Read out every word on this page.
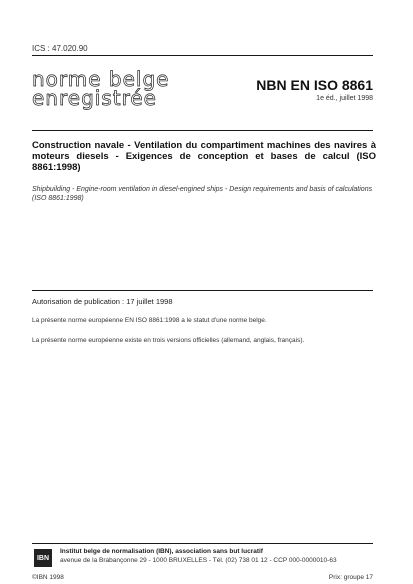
ICS : 47.020.90
norme belge
enregistrée
NBN EN ISO 8861
1e éd., juillet 1998
Construction navale - Ventilation du compartiment machines des navires à moteurs diesels - Exigences de conception et bases de calcul (ISO 8861:1998)
Shipbuilding - Engine-room ventilation in diesel-engined ships - Design requirements and basis of calculations (ISO 8861:1998)
Autorisation de publication : 17 juillet 1998
La présente norme européenne EN ISO 8861:1998 a le statut d'une norme belge.
La présente norme européenne existe en trois versions officielles (allemand, anglais, français).
IBN
Institut belge de normalisation (IBN), association sans but lucratif
avenue de la Brabançonne 29 - 1000 BRUXELLES - Tél. (02) 738 01 12 - CCP 000-0000010-63
©IBN 1998	Prix: groupe 17
